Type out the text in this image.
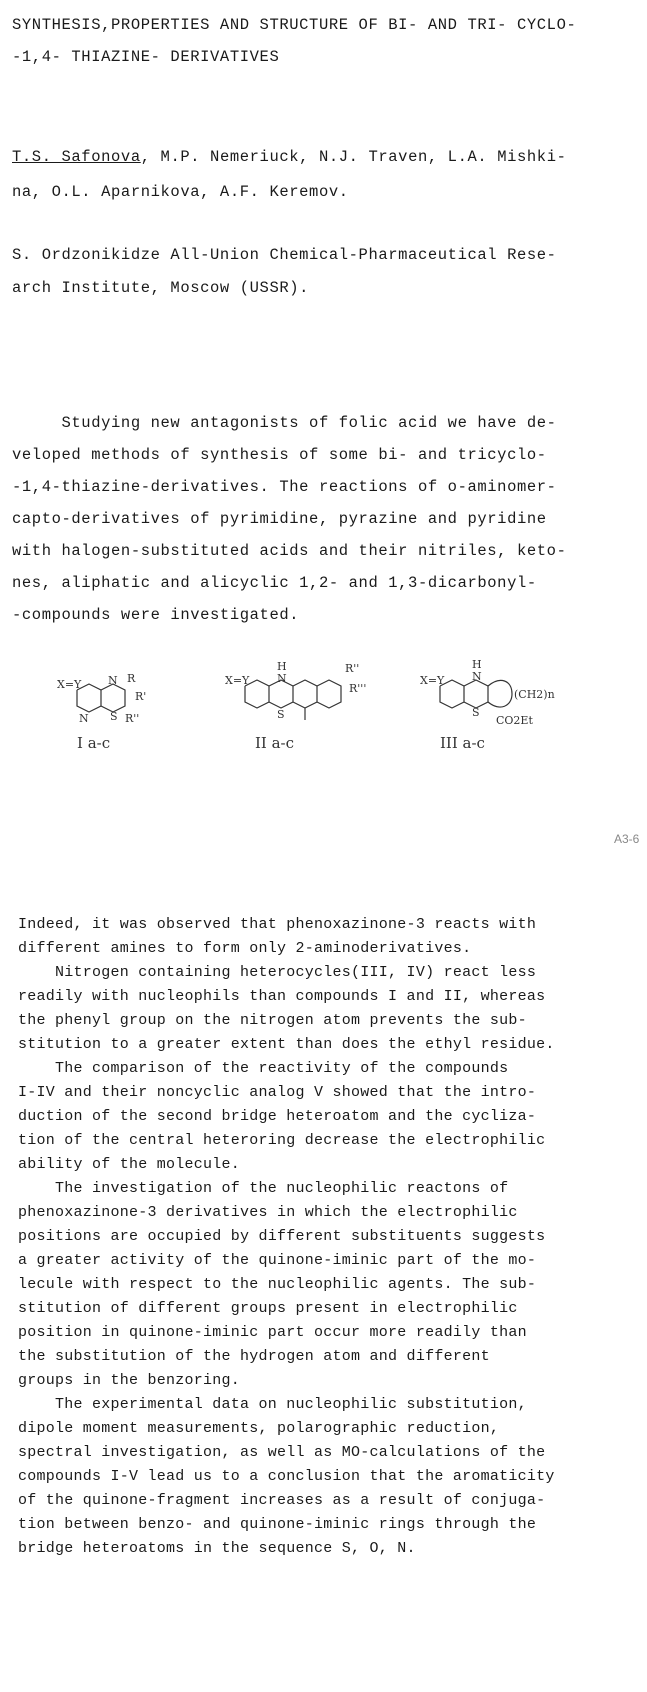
SYNTHESIS,PROPERTIES AND STRUCTURE OF BI- AND TRI- CYCLO-
-1,4- THIAZINE- DERIVATIVES
T.S. Safonova, M.P. Nemeriuck, N.J. Traven, L.A. Mishki-
na, O.L. Aparnikova, A.F. Keremov.
S. Ordzonikidze All-Union Chemical-Pharmaceutical Rese-
arch Institute, Moscow (USSR).
Studying new antagonists of folic acid we have de-
veloped methods of synthesis of some bi- and tricyclo-
-1,4-thiazine-derivatives. The reactions of o-aminomer-
capto-derivatives of pyrimidine, pyrazine and pyridine
with halogen-substituted acids and their nitriles, keto-
nes, aliphatic and alicyclic 1,2- and 1,3-dicarbonyl-
-compounds were investigated.
X=Y N
S
R
R'
R''
N
I a-c
X=Y
H
N
S
R''
R'''
II a-c
X=Y
H
N
S
(CH2)n
CO2Et
III a-c
A3-6
Indeed, it was observed that phenoxazinone-3 reacts with
different amines to form only 2-aminoderivatives.
Nitrogen containing heterocycles(III, IV) react less
readily with nucleophils than compounds I and II, whereas
the phenyl group on the nitrogen atom prevents the sub-
stitution to a greater extent than does the ethyl residue.
The comparison of the reactivity of the compounds
I-IV and their noncyclic analog V showed that the intro-
duction of the second bridge heteroatom and the cycliza-
tion of the central heteroring decrease the electrophilic
ability of the molecule.
The investigation of the nucleophilic reactons of
phenoxazinone-3 derivatives in which the electrophilic
positions are occupied by different substituents suggests
a greater activity of the quinone-iminic part of the mo-
lecule with respect to the nucleophilic agents. The sub-
stitution of different groups present in electrophilic
position in quinone-iminic part occur more readily than
the substitution of the hydrogen atom and different
groups in the benzoring.
The experimental data on nucleophilic substitution,
dipole moment measurements, polarographic reduction,
spectral investigation, as well as MO-calculations of the
compounds I-V lead us to a conclusion that the aromaticity
of the quinone-fragment increases as a result of conjuga-
tion between benzo- and quinone-iminic rings through the
bridge heteroatoms in the sequence S, O, N.
